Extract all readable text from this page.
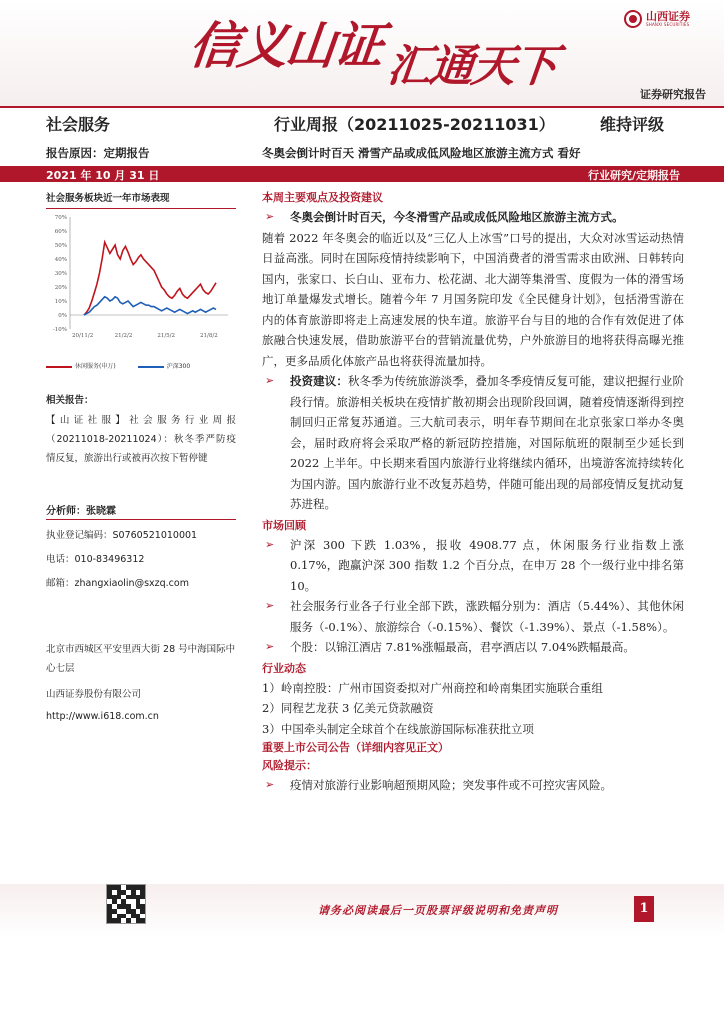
信义山证 汇通天下
山西证券
SHANXI SECURITIES
证券研究报告
社会服务	行业周报（20211025-20211031）	维持评级
报告原因：定期报告	冬奥会倒计时百天 滑雪产品或成低风险地区旅游主流方式 看好
2021 年 10 月 31 日	行业研究/定期报告
社会服务板块近一年市场表现
70%
60%
50%
40%
30%
20%
10%
0%
-10%
20/11/2	21/2/2	21/5/2	21/8/2
休闲服务(申万)	沪深300
相关报告：
【山证社服】社会服务行业周报（20211018-20211024）：秋冬季严防疫情反复，旅游出行或被再次按下暂停键
分析师：张晓霖
执业登记编码：S0760521010001
电话：010-83496312
邮箱：zhangxiaolin@sxzq.com
北京市西城区平安里西大街 28 号中海国际中心七层
山西证券股份有限公司
http://www.i618.com.cn
本周主要观点及投资建议
➢ 冬奥会倒计时百天，今冬滑雪产品或成低风险地区旅游主流方式。
随着 2022 年冬奥会的临近以及“三亿人上冰雪”口号的提出，大众对冰雪运动热情日益高涨。同时在国际疫情持续影响下，中国消费者的滑雪需求由欧洲、日韩转向国内，张家口、长白山、亚布力、松花湖、北大湖等集滑雪、度假为一体的滑雪场地订单量爆发式增长。随着今年 7 月国务院印发《全民健身计划》，包括滑雪游在内的体育旅游即将走上高速发展的快车道。旅游平台与目的地的合作有效促进了体旅融合快速发展，借助旅游平台的营销流量优势，户外旅游目的地将获得高曝光推广，更多品质化体旅产品也将获得流量加持。
➢ 投资建议：秋冬季为传统旅游淡季，叠加冬季疫情反复可能，建议把握行业阶段行情。旅游相关板块在疫情扩散初期会出现阶段回调，随着疫情逐渐得到控制回归正常复苏通道。三大航司表示，明年春节期间在北京张家口举办冬奥会，届时政府将会采取严格的新冠防控措施，对国际航班的限制至少延长到 2022 上半年。中长期来看国内旅游行业将继续内循环，出境游客流持续转化为国内游。国内旅游行业不改复苏趋势，伴随可能出现的局部疫情反复扰动复苏进程。
市场回顾
➢ 沪深 300 下跌 1.03%，报收 4908.77 点，休闲服务行业指数上涨 0.17%，跑赢沪深 300 指数 1.2 个百分点，在申万 28 个一级行业中排名第 10。
➢ 社会服务行业各子行业全部下跌，涨跌幅分别为：酒店（5.44%）、其他休闲服务（-0.1%）、旅游综合（-0.15%）、餐饮（-1.39%）、景点（-1.58%）。
➢ 个股：以锦江酒店 7.81%涨幅最高，君亭酒店以 7.04%跌幅最高。
行业动态
1）岭南控股：广州市国资委拟对广州商控和岭南集团实施联合重组
2）同程艺龙获 3 亿美元贷款融资
3）中国牵头制定全球首个在线旅游国际标准获批立项
重要上市公司公告（详细内容见正文）
风险提示：
➢ 疫情对旅游行业影响超预期风险；突发事件或不可控灾害风险。
请务必阅读最后一页股票评级说明和免责声明	1
